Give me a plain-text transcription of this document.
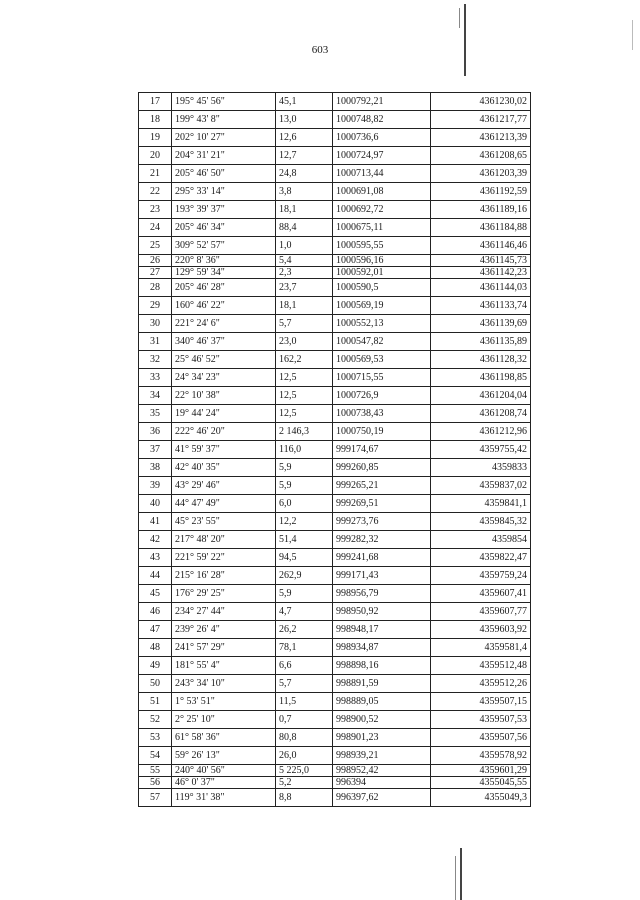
603
17	195° 45' 56"	45,1	1000792,21	4361230,02
18	199° 43' 8"	13,0	1000748,82	4361217,77
19	202° 10' 27"	12,6	1000736,6	4361213,39
20	204° 31' 21"	12,7	1000724,97	4361208,65
21	205° 46' 50"	24,8	1000713,44	4361203,39
22	295° 33' 14"	3,8	1000691,08	4361192,59
23	193° 39' 37"	18,1	1000692,72	4361189,16
24	205° 46' 34"	88,4	1000675,11	4361184,88
25	309° 52' 57"	1,0	1000595,55	4361146,46
26	220° 8' 36"	5,4	1000596,16	4361145,73
27	129° 59' 34"	2,3	1000592,01	4361142,23
28	205° 46' 28"	23,7	1000590,5	4361144,03
29	160° 46' 22"	18,1	1000569,19	4361133,74
30	221° 24' 6"	5,7	1000552,13	4361139,69
31	340° 46' 37"	23,0	1000547,82	4361135,89
32	25° 46' 52"	162,2	1000569,53	4361128,32
33	24° 34' 23"	12,5	1000715,55	4361198,85
34	22° 10' 38"	12,5	1000726,9	4361204,04
35	19° 44' 24"	12,5	1000738,43	4361208,74
36	222° 46' 20"	2 146,3	1000750,19	4361212,96
37	41° 59' 37"	116,0	999174,67	4359755,42
38	42° 40' 35"	5,9	999260,85	4359833
39	43° 29' 46"	5,9	999265,21	4359837,02
40	44° 47' 49"	6,0	999269,51	4359841,1
41	45° 23' 55"	12,2	999273,76	4359845,32
42	217° 48' 20"	51,4	999282,32	4359854
43	221° 59' 22"	94,5	999241,68	4359822,47
44	215° 16' 28"	262,9	999171,43	4359759,24
45	176° 29' 25"	5,9	998956,79	4359607,41
46	234° 27' 44"	4,7	998950,92	4359607,77
47	239° 26' 4"	26,2	998948,17	4359603,92
48	241° 57' 29"	78,1	998934,87	4359581,4
49	181° 55' 4"	6,6	998898,16	4359512,48
50	243° 34' 10"	5,7	998891,59	4359512,26
51	1° 53' 51"	11,5	998889,05	4359507,15
52	2° 25' 10"	0,7	998900,52	4359507,53
53	61° 58' 36"	80,8	998901,23	4359507,56
54	59° 26' 13"	26,0	998939,21	4359578,92
55	240° 40' 56"	5 225,0	998952,42	4359601,29
56	46° 0' 37"	5,2	996394	4355045,55
57	119° 31' 38"	8,8	996397,62	4355049,3
